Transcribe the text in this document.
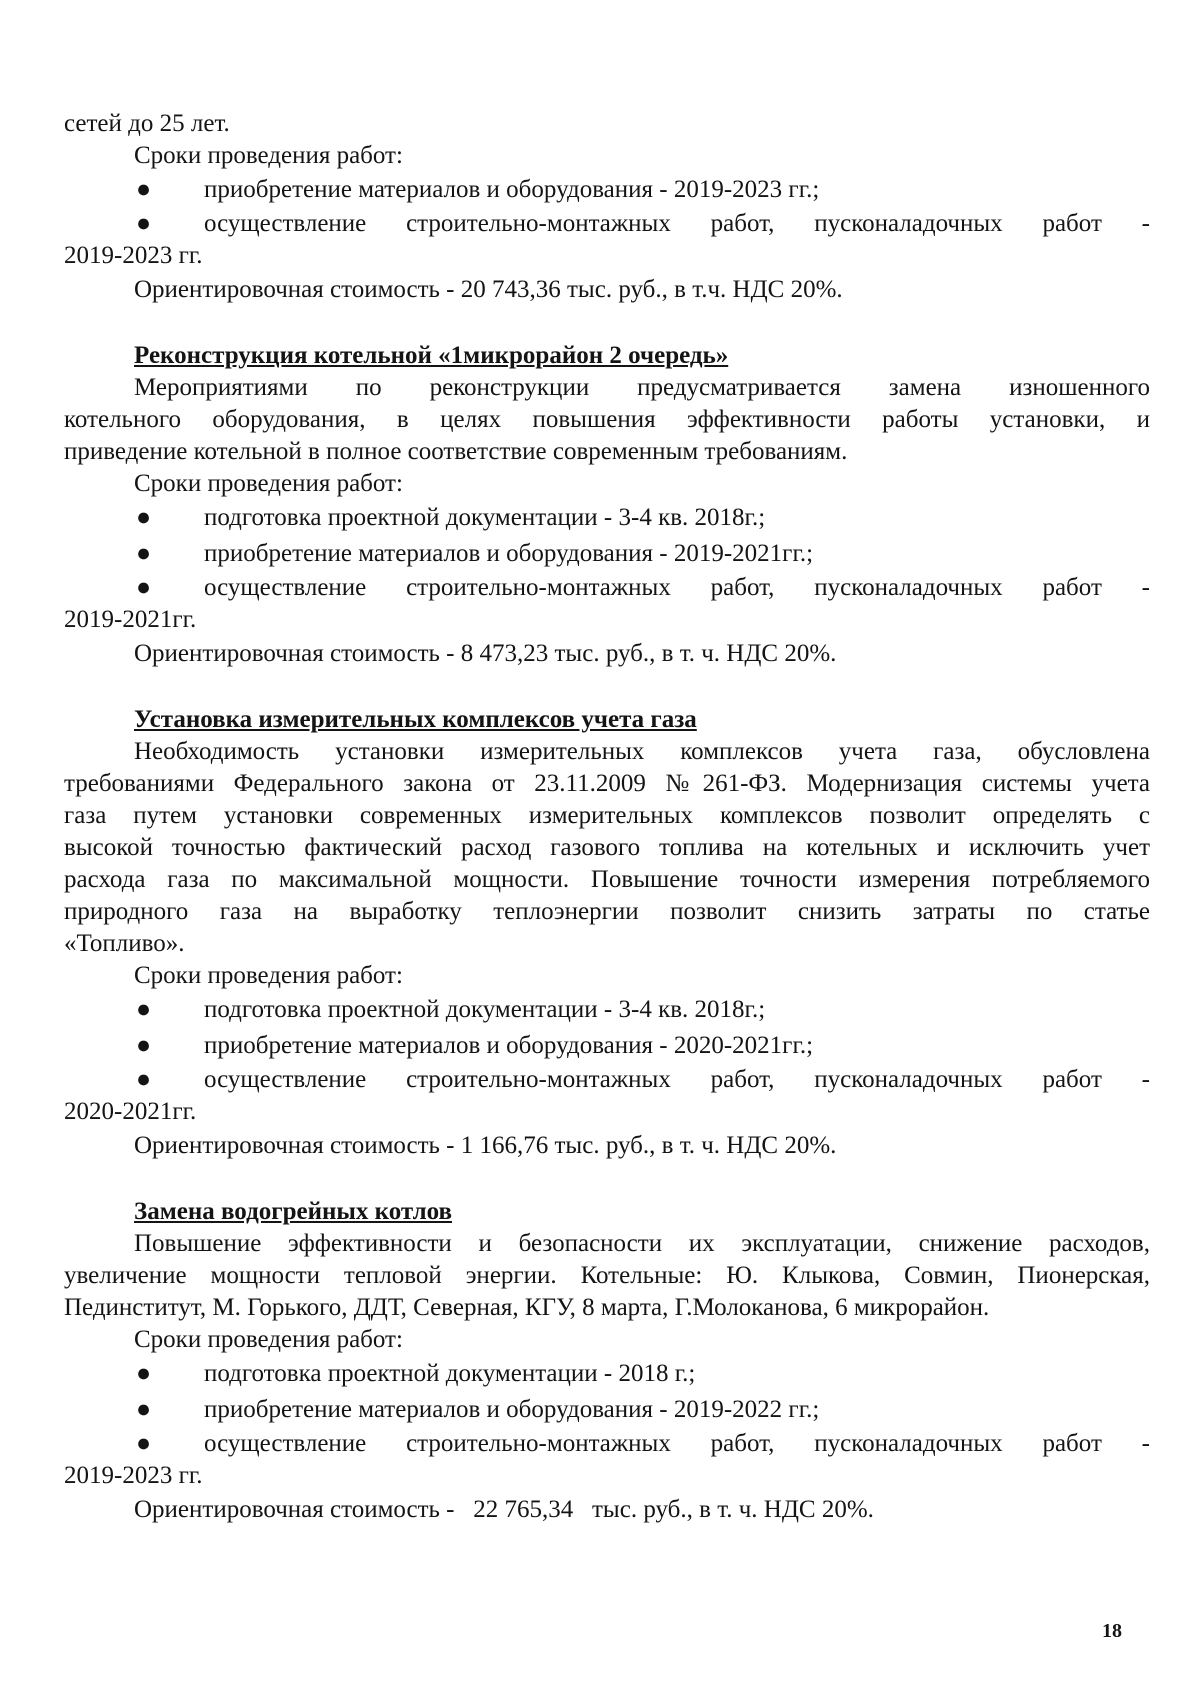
сетей до 25 лет.

Сроки проведения работ:

● приобретение материалов и оборудования - 2019-2023 гг.;

● осуществление строительно-монтажных работ, пусконаладочных работ -

2019-2023 гг.

Ориентировочная стоимость - 20 743,36 тыс. руб., в т.ч. НДС 20%.

Реконструкция котельной «1микрорайон 2 очередь»

Мероприятиями по реконструкции предусматривается замена изношенного

котельного оборудования, в целях повышения эффективности работы установки, и

приведение котельной в полное соответствие современным требованиям.

Сроки проведения работ:

● подготовка проектной документации - 3-4 кв. 2018г.;
● приобретение материалов и оборудования - 2019-2021гг.;

● осуществление строительно-монтажных работ, пусконаладочных работ -

2019-2021гг.

Ориентировочная стоимость - 8 473,23 тыс. руб., в т. ч. НДС 20%.

Установка измерительных комплексов учета газа

Необходимость установки измерительных комплексов учета газа, обусловлена

требованиями Федерального закона от 23.11.2009 №261-ФЗ. Модернизация системы учета

газа путем установки современных измерительных комплексов позволит определять с

высокой точностью фактический расход газового топлива на котельных и исключить учет

расхода газа по максимальной мощности. Повышение точности измерения потребляемого

природного газа на выработку теплоэнергии позволит снизить затраты по статье

«Топливо».

Сроки проведения работ:

● подготовка проектной документации - 3-4 кв. 2018г.;
● приобретение материалов и оборудования - 2020-2021гг.;

● осуществление строительно-монтажных работ, пусконаладочных работ -

2020-2021гг.

Ориентировочная стоимость - 1 166,76 тыс. руб., в т. ч. НДС 20%.

Замена водогрейных котлов

Повышение эффективности и безопасности их эксплуатации, снижение расходов,

увеличение мощности тепловой энергии. Котельные: Ю. Клыкова, Совмин, Пионерская,

Пединститут, М. Горького, ДДТ, Северная, КГУ, 8 марта, Г.Молоканова, 6 микрорайон.

Сроки проведения работ:

● подготовка проектной документации - 2018 г.;
● приобретение материалов и оборудования - 2019-2022 гг.;

● осуществление строительно-монтажных работ, пусконаладочных работ -

2019-2023 гг.

Ориентировочная стоимость -   22 765,34   тыс. руб., в т. ч. НДС 20%.

18
